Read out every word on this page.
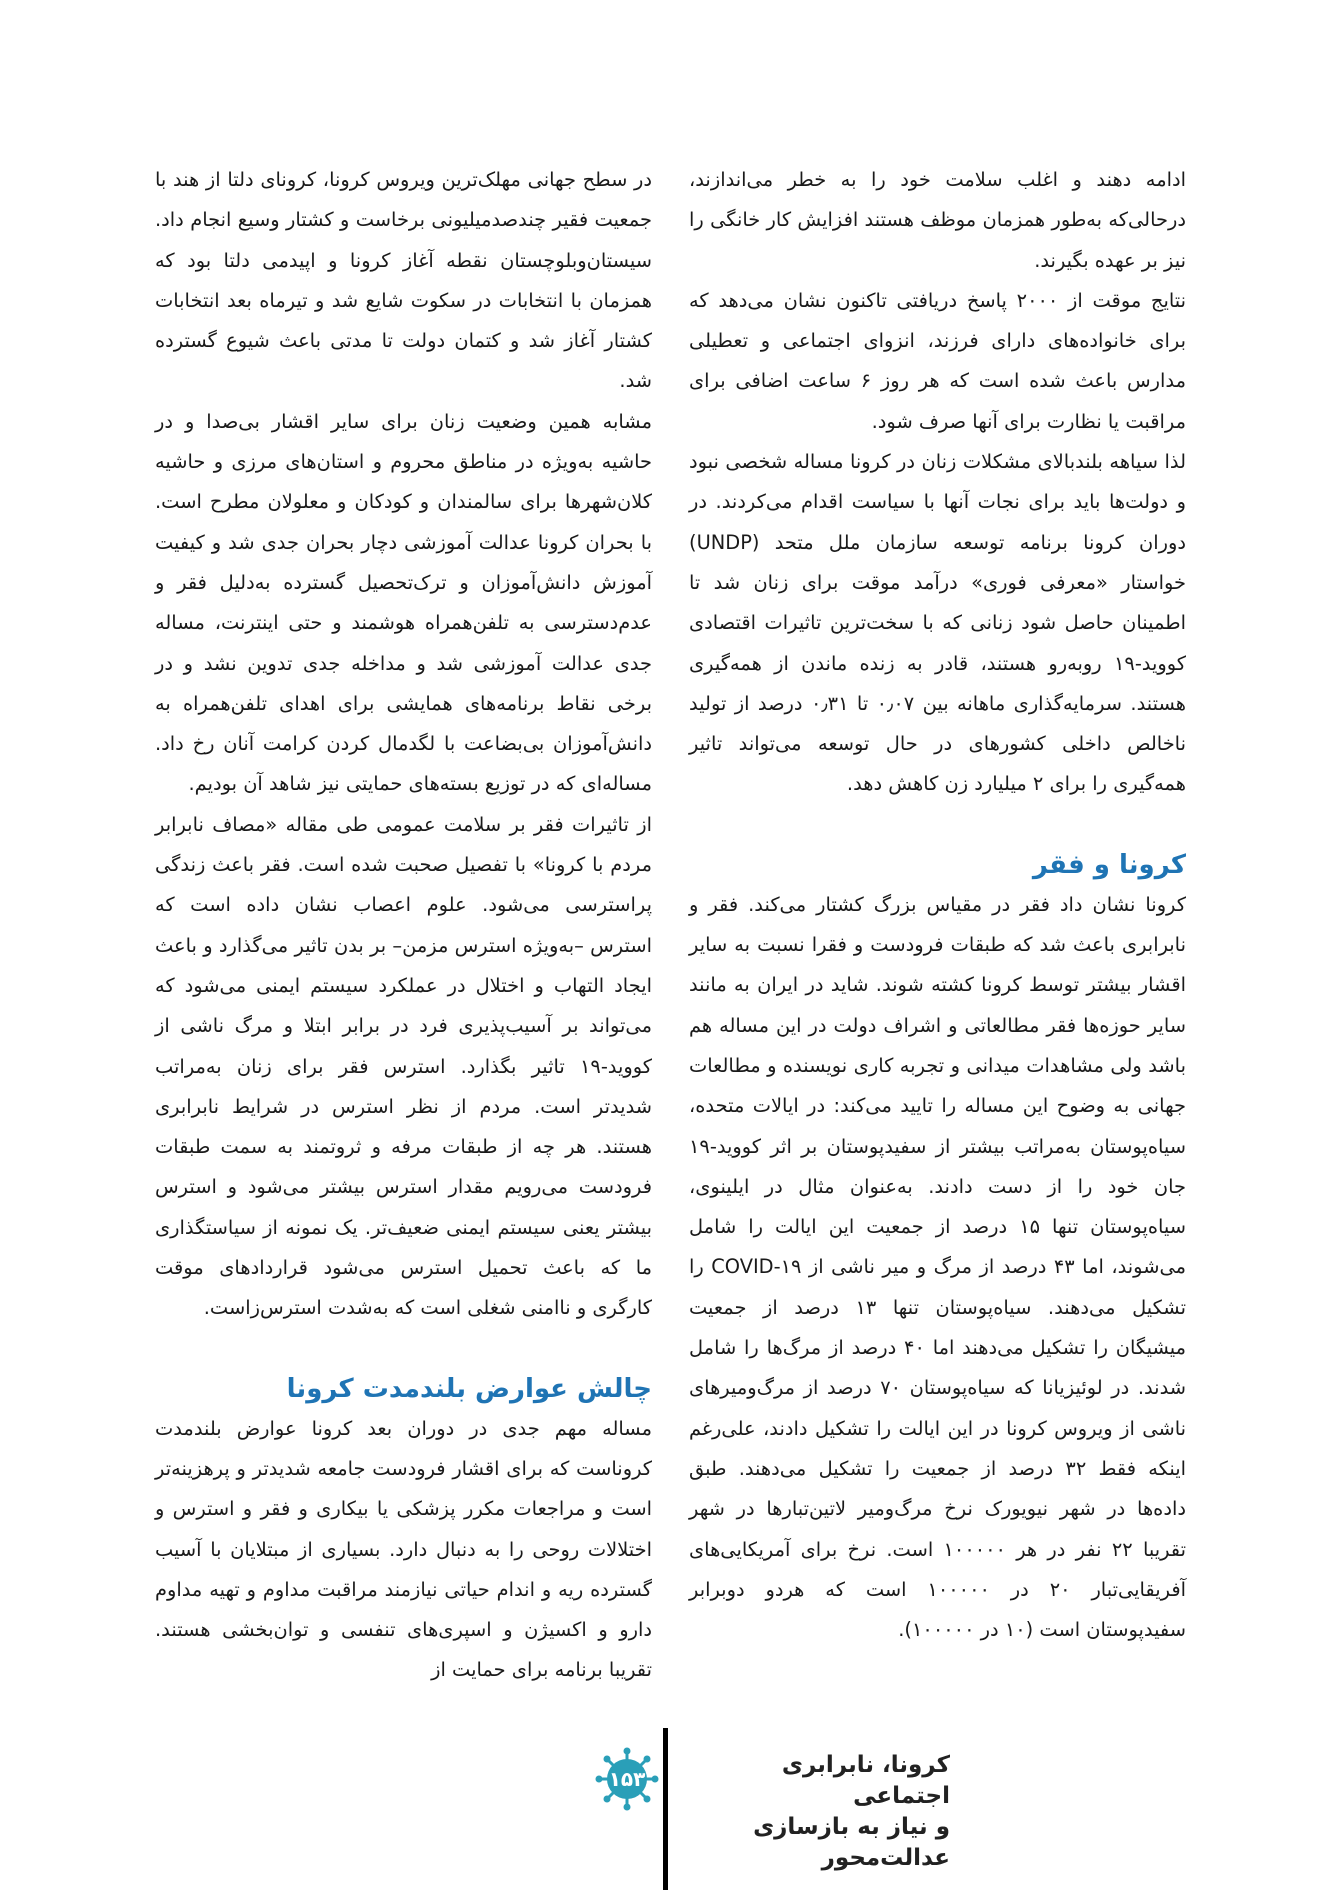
ادامه دهند و اغلب سلامت خود را به خطر می‌اندازند، درحالی‌که به‌طور همزمان موظف هستند افزایش کار خانگی را نیز بر عهده بگیرند.

نتایج موقت از ۲۰۰۰ پاسخ دریافتی تاکنون نشان می‌دهد که برای خانواده‌های دارای فرزند، انزوای اجتماعی و تعطیلی مدارس باعث شده است که هر روز ۶ ساعت اضافی برای مراقبت یا نظارت برای آنها صرف شود.

لذا سیاهه بلندبالای مشکلات زنان در کرونا مساله شخصی نبود و دولت‌ها باید برای نجات آنها با سیاست اقدام می‌کردند. در دوران کرونا برنامه توسعه سازمان ملل متحد (UNDP) خواستار «معرفی فوری» درآمد موقت برای زنان شد تا اطمینان حاصل شود زنانی که با سخت‌ترین تاثیرات اقتصادی کووید-۱۹ روبه‌رو هستند، قادر به زنده ماندن از همه‌گیری هستند. سرمایه‌گذاری ماهانه بین ۰٫۰۷ تا ۰٫۳۱ درصد از تولید ناخالص داخلی کشورهای در حال توسعه می‌تواند تاثیر همه‌گیری را برای ۲ میلیارد زن کاهش دهد.

کرونا و فقر

کرونا نشان داد فقر در مقیاس بزرگ کشتار می‌کند. فقر و نابرابری باعث شد که طبقات فرودست و فقرا نسبت به سایر اقشار بیشتر توسط کرونا کشته شوند. شاید در ایران به مانند سایر حوزه‌ها فقر مطالعاتی و اشراف دولت در این مساله هم باشد ولی مشاهدات میدانی و تجربه کاری نویسنده و مطالعات جهانی به وضوح این مساله را تایید می‌کند: در ایالات متحده، سیاه‌پوستان به‌مراتب بیشتر از سفیدپوستان بر اثر کووید-۱۹ جان خود را از دست دادند. به‌عنوان مثال در ایلینوی، سیاه‌پوستان تنها ۱۵ درصد از جمعیت این ایالت را شامل می‌شوند، اما ۴۳ درصد از مرگ و میر ناشی از COVID-۱۹ را تشکیل می‌دهند. سیاه‌پوستان تنها ۱۳ درصد از جمعیت میشیگان را تشکیل می‌دهند اما ۴۰ درصد از مرگ‌ها را شامل شدند. در لوئیزیانا که سیاه‌پوستان ۷۰ درصد از مرگ‌ومیرهای ناشی از ویروس کرونا در این ایالت را تشکیل دادند، علی‌رغم اینکه فقط ۳۲ درصد از جمعیت را تشکیل می‌دهند. طبق داده‌ها در شهر نیویورک نرخ مرگ‌ومیر لاتین‌تبارها در شهر تقریبا ۲۲ نفر در هر ۱۰۰۰۰۰ است. نرخ برای آمریکایی‌های آفریقایی‌تبار ۲۰ در ۱۰۰۰۰۰ است که هردو دوبرابر سفیدپوستان است (۱۰ در ۱۰۰۰۰۰).

در سطح جهانی مهلک‌ترین ویروس کرونا، کرونای دلتا از هند با جمعیت فقیر چندصدمیلیونی برخاست و کشتار وسیع انجام داد. سیستان‌وبلوچستان نقطه آغاز کرونا و اپیدمی دلتا بود که همزمان با انتخابات در سکوت شایع شد و تیرماه بعد انتخابات کشتار آغاز شد و کتمان دولت تا مدتی باعث شیوع گسترده شد.

مشابه همین وضعیت زنان برای سایر اقشار بی‌صدا و در حاشیه به‌ویژه در مناطق محروم و استان‌های مرزی و حاشیه کلان‌شهرها برای سالمندان و کودکان و معلولان مطرح است. با بحران کرونا عدالت آموزشی دچار بحران جدی شد و کیفیت آموزش دانش‌آموزان و ترک‌تحصیل گسترده به‌دلیل فقر و عدم‌دسترسی به تلفن‌همراه هوشمند و حتی اینترنت، مساله جدی عدالت آموزشی شد و مداخله جدی تدوین نشد و در برخی نقاط برنامه‌های همایشی برای اهدای تلفن‌همراه به دانش‌آموزان بی‌بضاعت با لگدمال کردن کرامت آنان رخ داد. مساله‌ای که در توزیع بسته‌های حمایتی نیز شاهد آن بودیم.

از تاثیرات فقر بر سلامت عمومی طی مقاله «مصاف نابرابر مردم با کرونا» با تفصیل صحبت شده است. فقر باعث زندگی پراسترسی می‌شود. علوم اعصاب نشان داده است که استرس –به‌ویژه استرس مزمن– بر بدن تاثیر می‌گذارد و باعث ایجاد التهاب و اختلال در عملکرد سیستم ایمنی می‌شود که می‌تواند بر آسیب‌پذیری فرد در برابر ابتلا و مرگ ناشی از کووید-۱۹ تاثیر بگذارد. استرس فقر برای زنان به‌مراتب شدیدتر است. مردم از نظر استرس در شرایط نابرابری هستند. هر چه از طبقات مرفه و ثروتمند به سمت طبقات فرودست می‌رویم مقدار استرس بیشتر می‌شود و استرس بیشتر یعنی سیستم ایمنی ضعیف‌تر. یک نمونه از سیاستگذاری ما که باعث تحمیل استرس می‌شود قراردادهای موقت کارگری و ناامنی شغلی است که به‌شدت استرس‌زاست.

چالش عوارض بلندمدت کرونا

مساله مهم جدی در دوران بعد کرونا عوارض بلندمدت کروناست که برای اقشار فرودست جامعه شدیدتر و پرهزینه‌تر است و مراجعات مکرر پزشکی یا بیکاری و فقر و استرس و اختلالات روحی را به دنبال دارد. بسیاری از مبتلایان با آسیب گسترده ریه و اندام حیاتی نیازمند مراقبت مداوم و تهیه مداوم دارو و اکسیژن و اسپری‌های تنفسی و توان‌بخشی هستند. تقریبا برنامه برای حمایت از

کرونا، نابرابری اجتماعی
و نیاز به بازسازی عدالت‌محور
۱۵۳
